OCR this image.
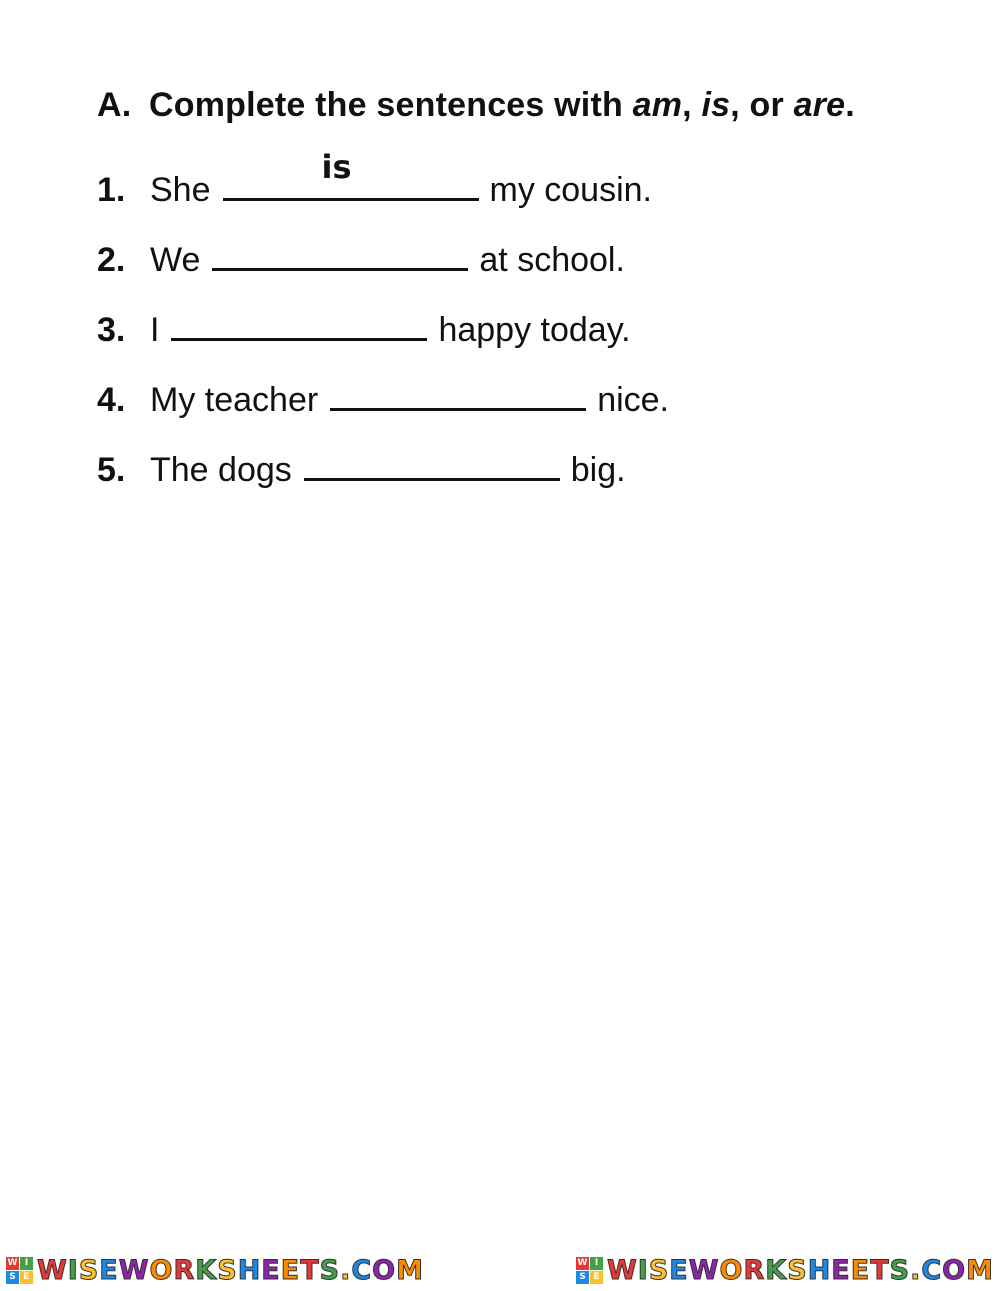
A. Complete the sentences with am, is, or are.
1. She
is
my cousin.
2. We	at school.
3. I	happy today.
4. My teacher	nice.
5. The dogs	big.
W I
S E WISEWORKSHEETS.COM	W I
S E WISEWORKSHEETS.COM
